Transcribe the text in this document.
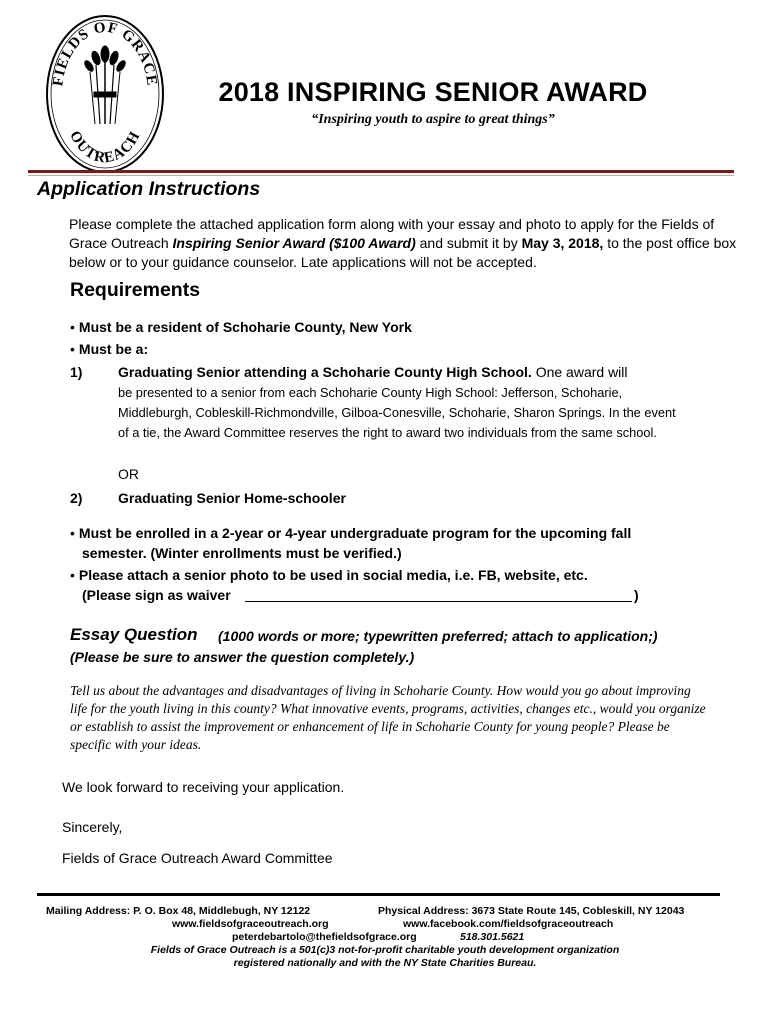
FIELDS OF GRACE
OUTREACH
2018 INSPIRING SENIOR AWARD
“Inspiring youth to aspire to great things”
Application Instructions
Please complete the attached application form along with your essay and photo to apply for the Fields of Grace Outreach Inspiring Senior Award ($100 Award) and submit it by May 3, 2018, to the post office box below or to your guidance counselor. Late applications will not be accepted.
Requirements
• Must be a resident of Schoharie County, New York
• Must be a:
1)	Graduating Senior attending a Schoharie County High School. One award will
be presented to a senior from each Schoharie County High School: Jefferson, Schoharie, Middleburgh, Cobleskill-Richmondville, Gilboa-Conesville, Schoharie, Sharon Springs. In the event of a tie, the Award Committee reserves the right to award two individuals from the same school.
OR
2)	Graduating Senior Home-schooler
• Must be enrolled in a 2-year or 4-year undergraduate program for the upcoming fall
semester. (Winter enrollments must be verified.)
• Please attach a senior photo to be used in social media, i.e. FB, website, etc.
(Please sign as waiver	)
Essay Question (1000 words or more; typewritten preferred; attach to application;)
(Please be sure to answer the question completely.)
Tell us about the advantages and disadvantages of living in Schoharie County. How would you go about improving life for the youth living in this county? What innovative events, programs, activities, changes etc., would you organize or establish to assist the improvement or enhancement of life in Schoharie County for young people? Please be specific with your ideas.
We look forward to receiving your application.
Sincerely,
Fields of Grace Outreach Award Committee
Mailing Address: P. O. Box 48, Middlebugh, NY 12122	Physical Address: 3673 State Route 145, Cobleskill, NY 12043
www.fieldsofgraceoutreach.org	www.facebook.com/fieldsofgraceoutreach
peterdebartolo@thefieldsofgrace.org	518.301.5621
Fields of Grace Outreach is a 501(c)3 not-for-profit charitable youth development organization
registered nationally and with the NY State Charities Bureau.
